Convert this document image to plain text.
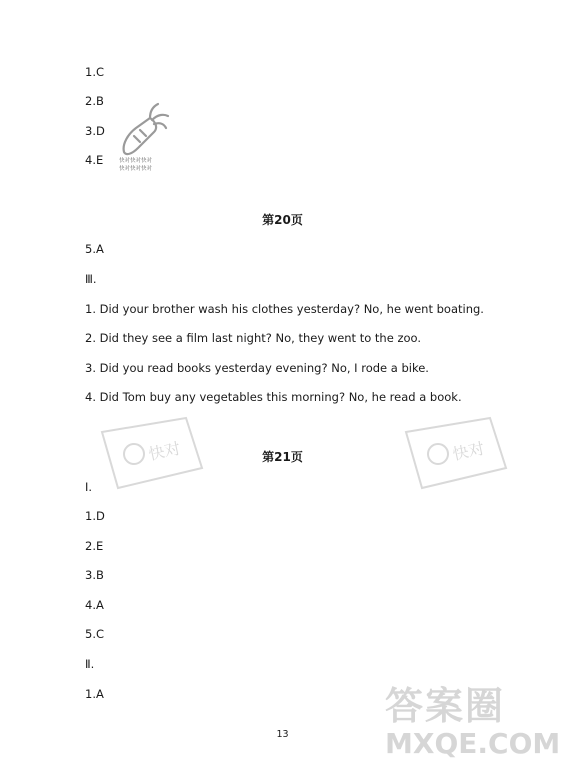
快对快对快对
快对快对快对
快对	快对
答案圈
MXQE.COM
1.C
2.B
3.D
4.E
第20页
5.A
Ⅲ.
1. Did your brother wash his clothes yesterday? No, he went boating.
2. Did they see a film last night? No, they went to the zoo.
3. Did you read books yesterday evening? No, I rode a bike.
4. Did Tom buy any vegetables this morning? No, he read a book.
第21页
I.
1.D
2.E
3.B
4.A
5.C
Ⅱ.
1.A
13
